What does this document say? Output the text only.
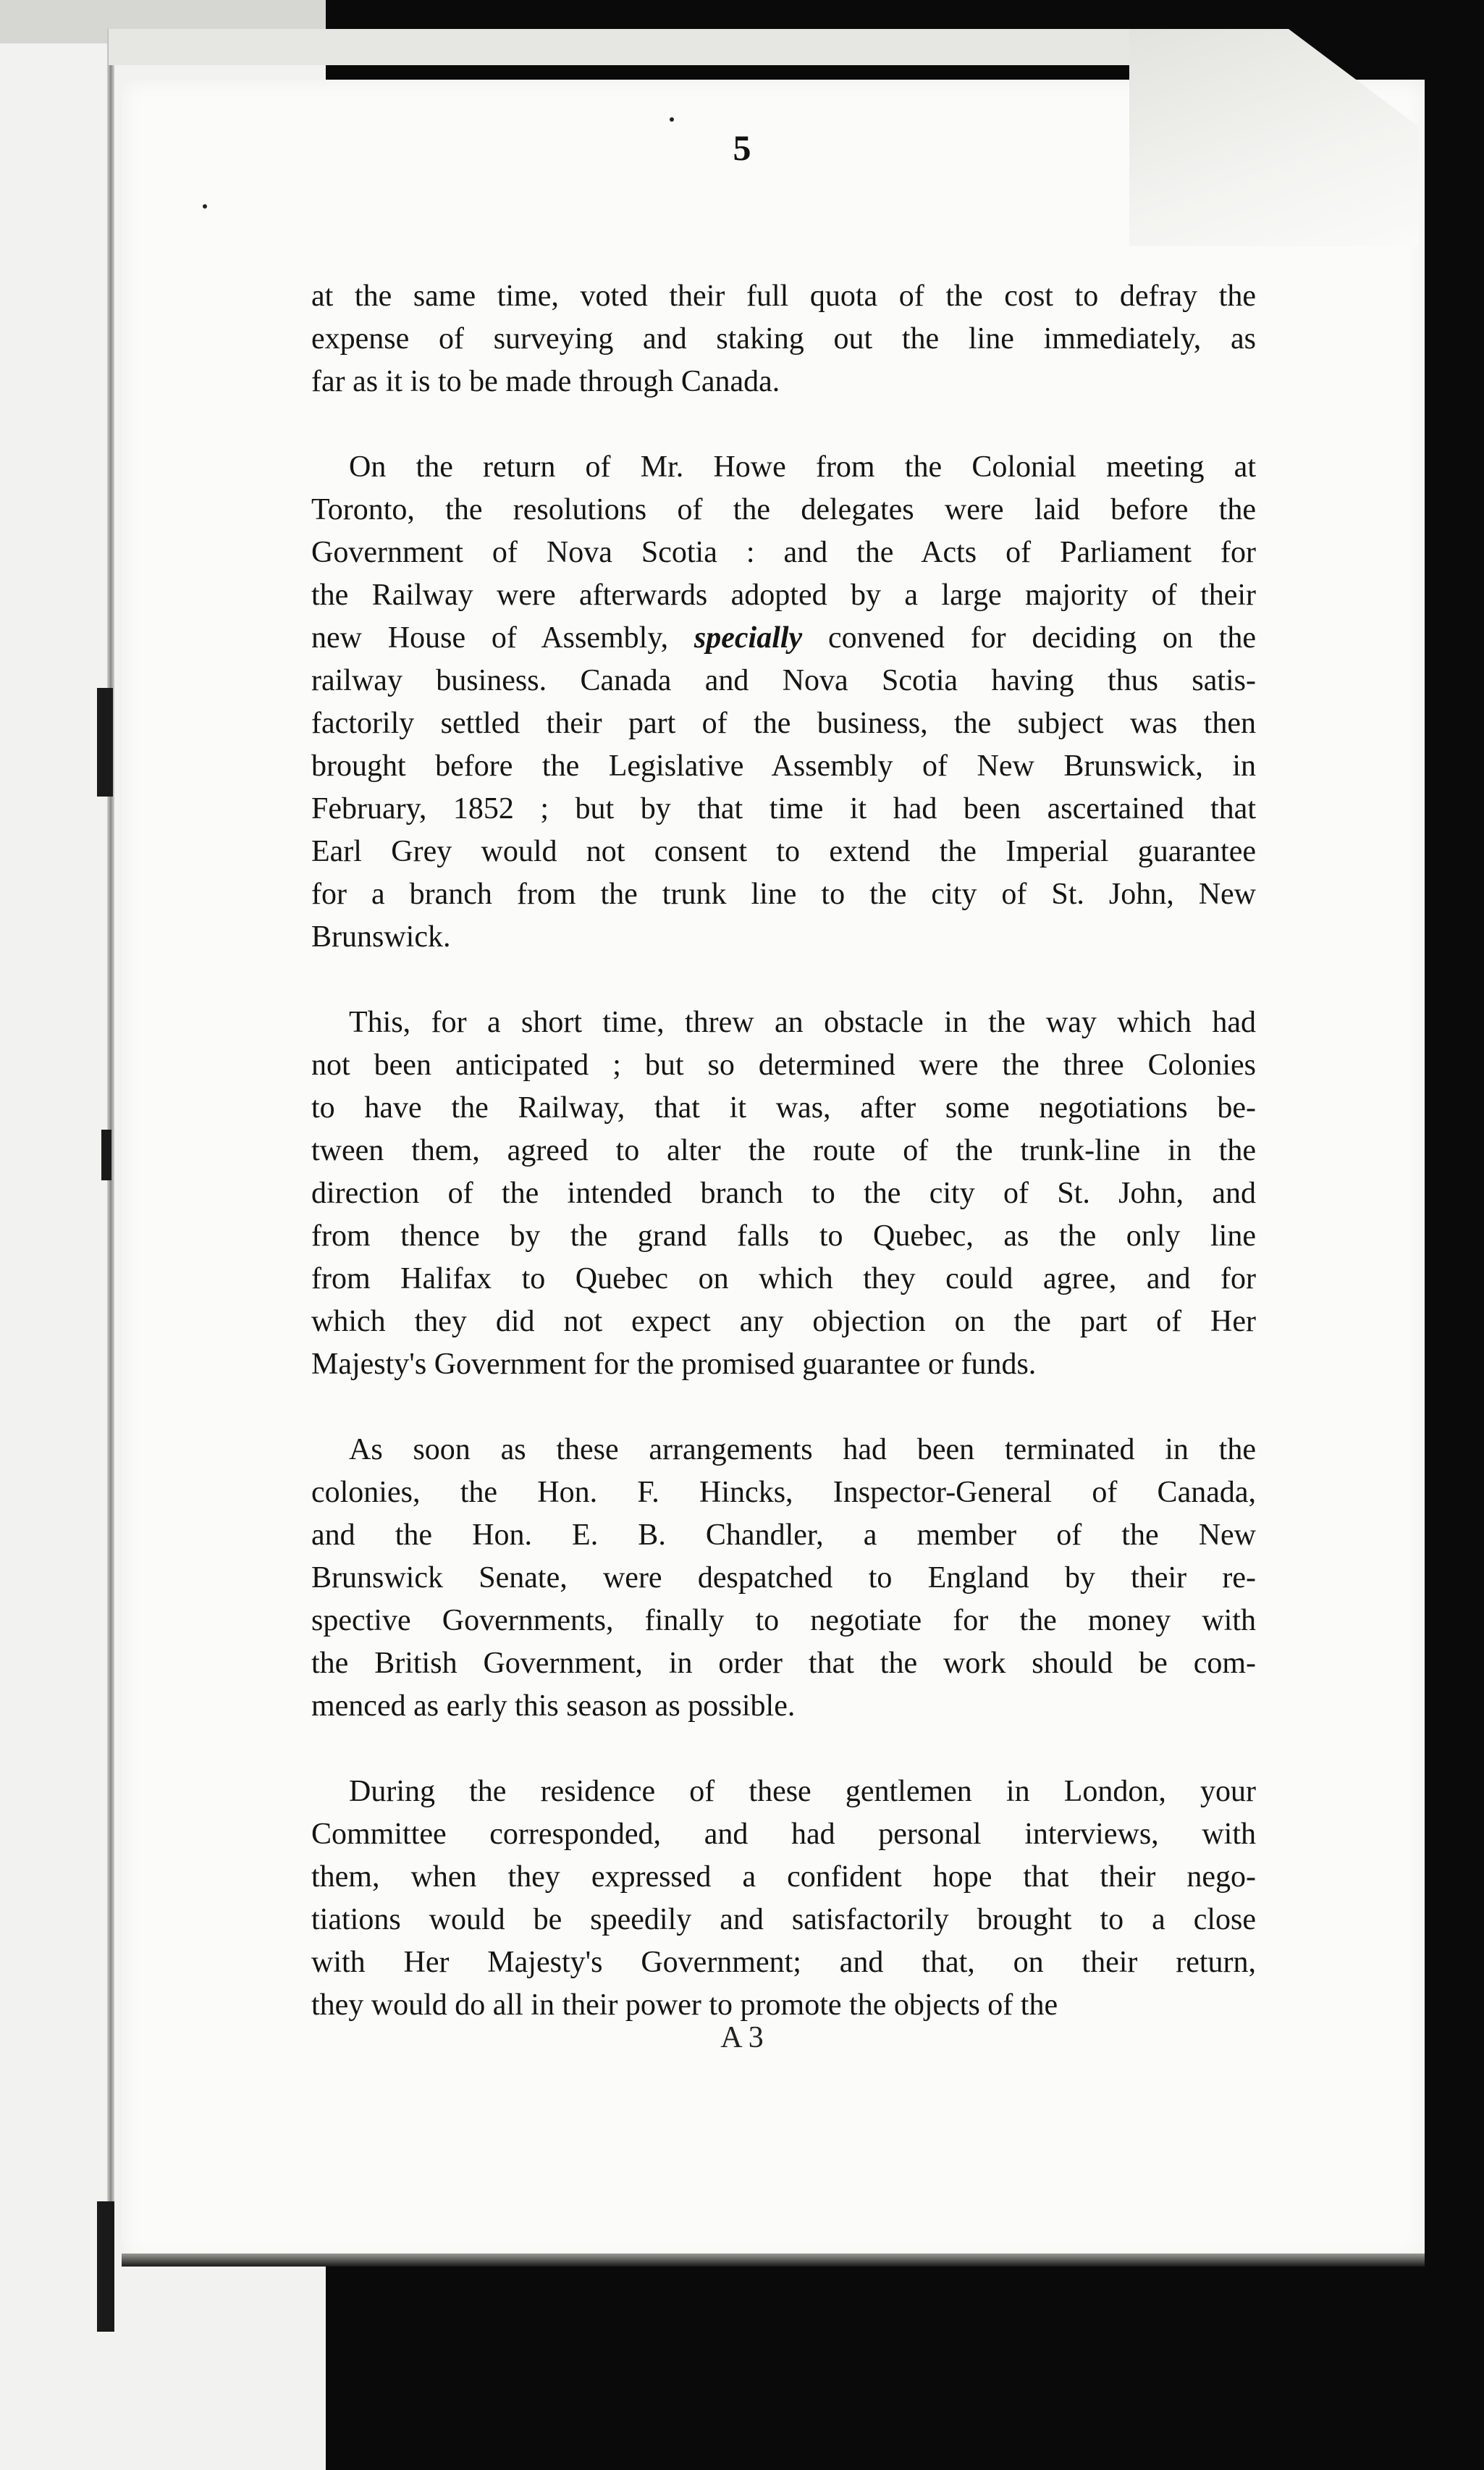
5
at the same time, voted their full quota of the cost to defray the
expense of surveying and staking out the line immediately, as
far as it is to be made through Canada.
On the return of Mr. Howe from the Colonial meeting at
Toronto, the resolutions of the delegates were laid before the
Government of Nova Scotia : and the Acts of Parliament for
the Railway were afterwards adopted by a large majority of their
new House of Assembly, specially convened for deciding on the
railway business. Canada and Nova Scotia having thus satis-
factorily settled their part of the business, the subject was then
brought before the Legislative Assembly of New Brunswick, in
February, 1852 ; but by that time it had been ascertained that
Earl Grey would not consent to extend the Imperial guarantee
for a branch from the trunk line to the city of St. John, New
Brunswick.
This, for a short time, threw an obstacle in the way which had
not been anticipated ; but so determined were the three Colonies
to have the Railway, that it was, after some negotiations be-
tween them, agreed to alter the route of the trunk-line in the
direction of the intended branch to the city of St. John, and
from thence by the grand falls to Quebec, as the only line
from Halifax to Quebec on which they could agree, and for
which they did not expect any objection on the part of Her
Majesty's Government for the promised guarantee or funds.
As soon as these arrangements had been terminated in the
colonies, the Hon. F. Hincks, Inspector-General of Canada,
and the Hon. E. B. Chandler, a member of the New
Brunswick Senate, were despatched to England by their re-
spective Governments, finally to negotiate for the money with
the British Government, in order that the work should be com-
menced as early this season as possible.
During the residence of these gentlemen in London, your
Committee corresponded, and had personal interviews, with
them, when they expressed a confident hope that their nego-
tiations would be speedily and satisfactorily brought to a close
with Her Majesty's Government; and that, on their return,
they would do all in their power to promote the objects of the
A 3
